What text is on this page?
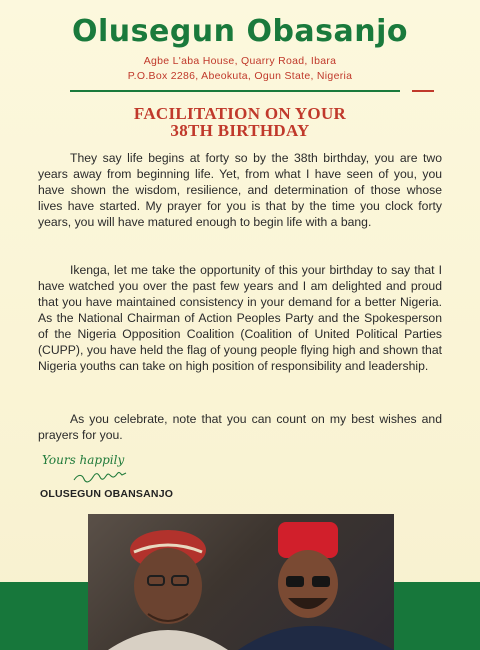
Olusegun Obasanjo
Agbe L'aba House, Quarry Road, Ibara
P.O.Box 2286, Abeokuta, Ogun State, Nigeria
FACILITATION ON YOUR
38TH BIRTHDAY

They say life begins at forty so by the 38th birthday, you are two years away from beginning life. Yet, from what I have seen of you, you have shown the wisdom, resilience, and determination of those whose lives have started. My prayer for you is that by the time you clock forty years, you will have matured enough to begin life with a bang.

Ikenga, let me take the opportunity of this your birthday to say that I have watched you over the past few years and I am delighted and proud that you have maintained consistency in your demand for a better Nigeria. As the National Chairman of Action Peoples Party and the Spokesperson of the Nigeria Opposition Coalition (Coalition of United Political Parties (CUPP), you have held the flag of young people flying high and shown that Nigeria youths can take on high position of responsibility and leadership.

As you celebrate, note that you can count on my best wishes and prayers for you.

Yours happily
OLUSEGUN OBANSANJO
